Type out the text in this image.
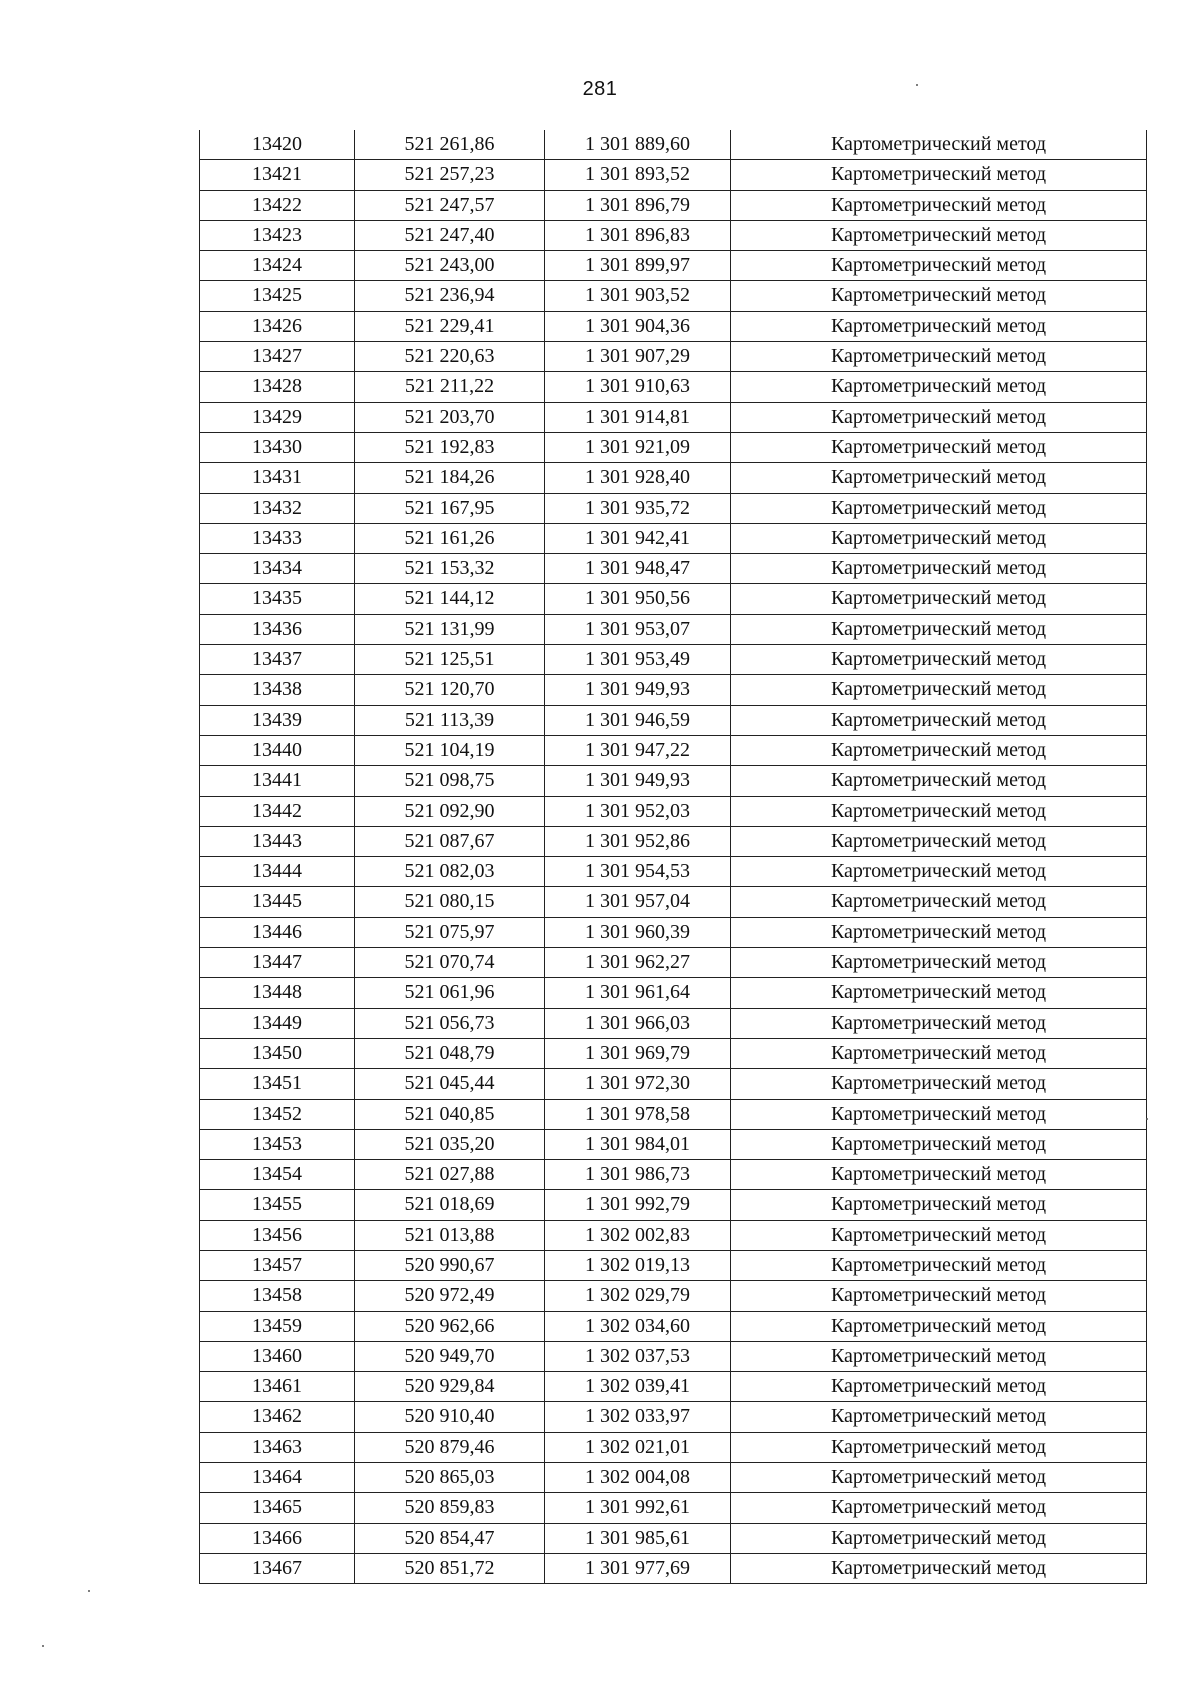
281
13420	521 261,86	1 301 889,60	Картометрический метод
13421	521 257,23	1 301 893,52	Картометрический метод
13422	521 247,57	1 301 896,79	Картометрический метод
13423	521 247,40	1 301 896,83	Картометрический метод
13424	521 243,00	1 301 899,97	Картометрический метод
13425	521 236,94	1 301 903,52	Картометрический метод
13426	521 229,41	1 301 904,36	Картометрический метод
13427	521 220,63	1 301 907,29	Картометрический метод
13428	521 211,22	1 301 910,63	Картометрический метод
13429	521 203,70	1 301 914,81	Картометрический метод
13430	521 192,83	1 301 921,09	Картометрический метод
13431	521 184,26	1 301 928,40	Картометрический метод
13432	521 167,95	1 301 935,72	Картометрический метод
13433	521 161,26	1 301 942,41	Картометрический метод
13434	521 153,32	1 301 948,47	Картометрический метод
13435	521 144,12	1 301 950,56	Картометрический метод
13436	521 131,99	1 301 953,07	Картометрический метод
13437	521 125,51	1 301 953,49	Картометрический метод
13438	521 120,70	1 301 949,93	Картометрический метод
13439	521 113,39	1 301 946,59	Картометрический метод
13440	521 104,19	1 301 947,22	Картометрический метод
13441	521 098,75	1 301 949,93	Картометрический метод
13442	521 092,90	1 301 952,03	Картометрический метод
13443	521 087,67	1 301 952,86	Картометрический метод
13444	521 082,03	1 301 954,53	Картометрический метод
13445	521 080,15	1 301 957,04	Картометрический метод
13446	521 075,97	1 301 960,39	Картометрический метод
13447	521 070,74	1 301 962,27	Картометрический метод
13448	521 061,96	1 301 961,64	Картометрический метод
13449	521 056,73	1 301 966,03	Картометрический метод
13450	521 048,79	1 301 969,79	Картометрический метод
13451	521 045,44	1 301 972,30	Картометрический метод
13452	521 040,85	1 301 978,58	Картометрический метод
13453	521 035,20	1 301 984,01	Картометрический метод
13454	521 027,88	1 301 986,73	Картометрический метод
13455	521 018,69	1 301 992,79	Картометрический метод
13456	521 013,88	1 302 002,83	Картометрический метод
13457	520 990,67	1 302 019,13	Картометрический метод
13458	520 972,49	1 302 029,79	Картометрический метод
13459	520 962,66	1 302 034,60	Картометрический метод
13460	520 949,70	1 302 037,53	Картометрический метод
13461	520 929,84	1 302 039,41	Картометрический метод
13462	520 910,40	1 302 033,97	Картометрический метод
13463	520 879,46	1 302 021,01	Картометрический метод
13464	520 865,03	1 302 004,08	Картометрический метод
13465	520 859,83	1 301 992,61	Картометрический метод
13466	520 854,47	1 301 985,61	Картометрический метод
13467	520 851,72	1 301 977,69	Картометрический метод
